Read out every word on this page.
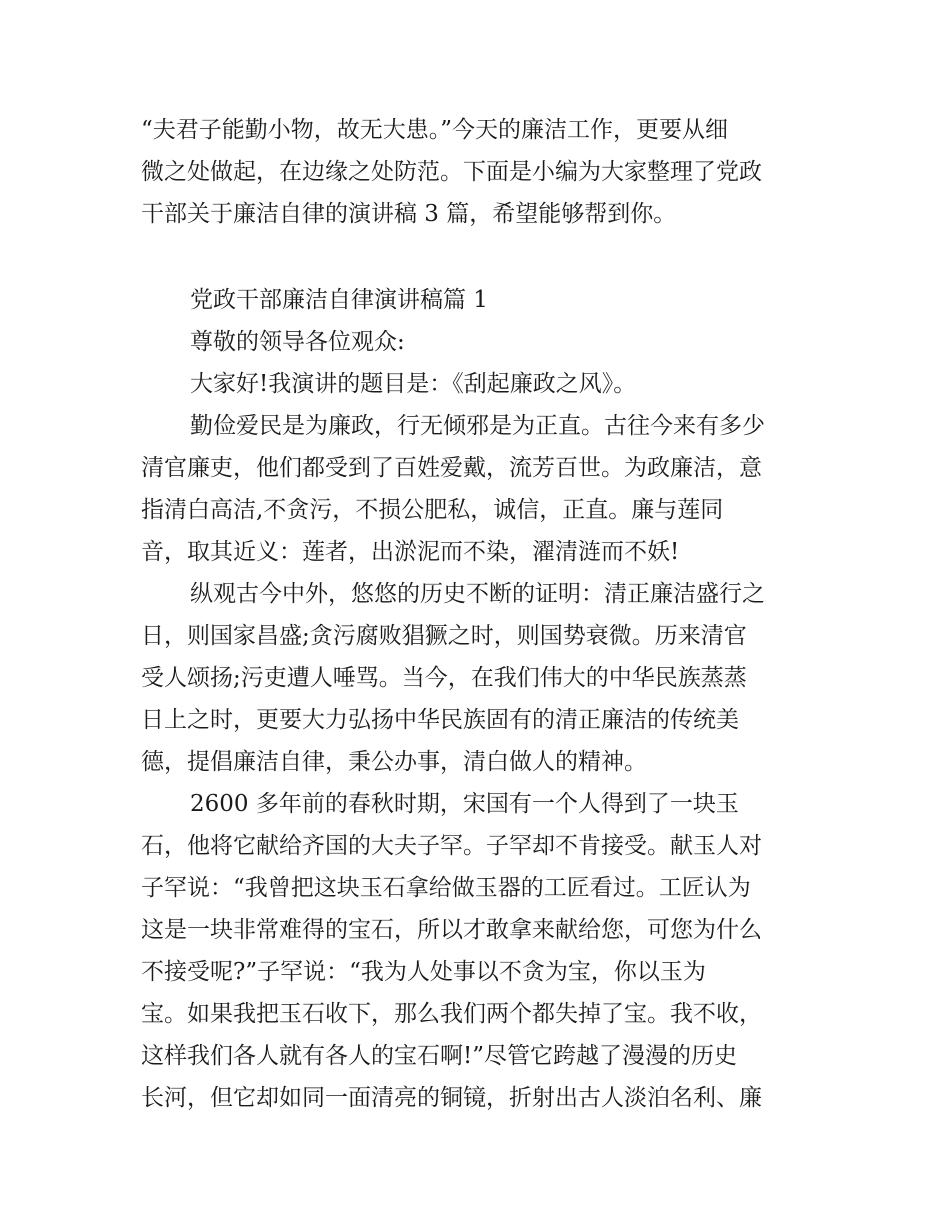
“夫君子能勤小物，故无大患。”今天的廉洁工作，更要从细
微之处做起，在边缘之处防范。下面是小编为大家整理了党政
干部关于廉洁自律的演讲稿 3 篇，希望能够帮到你。
党政干部廉洁自律演讲稿篇 1
尊敬的领导各位观众:
大家好!我演讲的题目是：《刮起廉政之风》。
勤俭爱民是为廉政，行无倾邪是为正直。古往今来有多少
清官廉吏，他们都受到了百姓爱戴，流芳百世。为政廉洁，意
指清白高洁,不贪污，不损公肥私，诚信，正直。廉与莲同
音，取其近义：莲者，出淤泥而不染，濯清涟而不妖!
纵观古今中外，悠悠的历史不断的证明：清正廉洁盛行之
日，则国家昌盛;贪污腐败猖獗之时，则国势衰微。历来清官
受人颂扬;污吏遭人唾骂。当今，在我们伟大的中华民族蒸蒸
日上之时，更要大力弘扬中华民族固有的清正廉洁的传统美
德，提倡廉洁自律，秉公办事，清白做人的精神。
2600 多年前的春秋时期，宋国有一个人得到了一块玉
石，他将它献给齐国的大夫子罕。子罕却不肯接受。献玉人对
子罕说：“我曾把这块玉石拿给做玉器的工匠看过。工匠认为
这是一块非常难得的宝石，所以才敢拿来献给您，可您为什么
不接受呢?”子罕说：“我为人处事以不贪为宝，你以玉为
宝。如果我把玉石收下，那么我们两个都失掉了宝。我不收，
这样我们各人就有各人的宝石啊!”尽管它跨越了漫漫的历史
长河，但它却如同一面清亮的铜镜，折射出古人淡泊名利、廉
